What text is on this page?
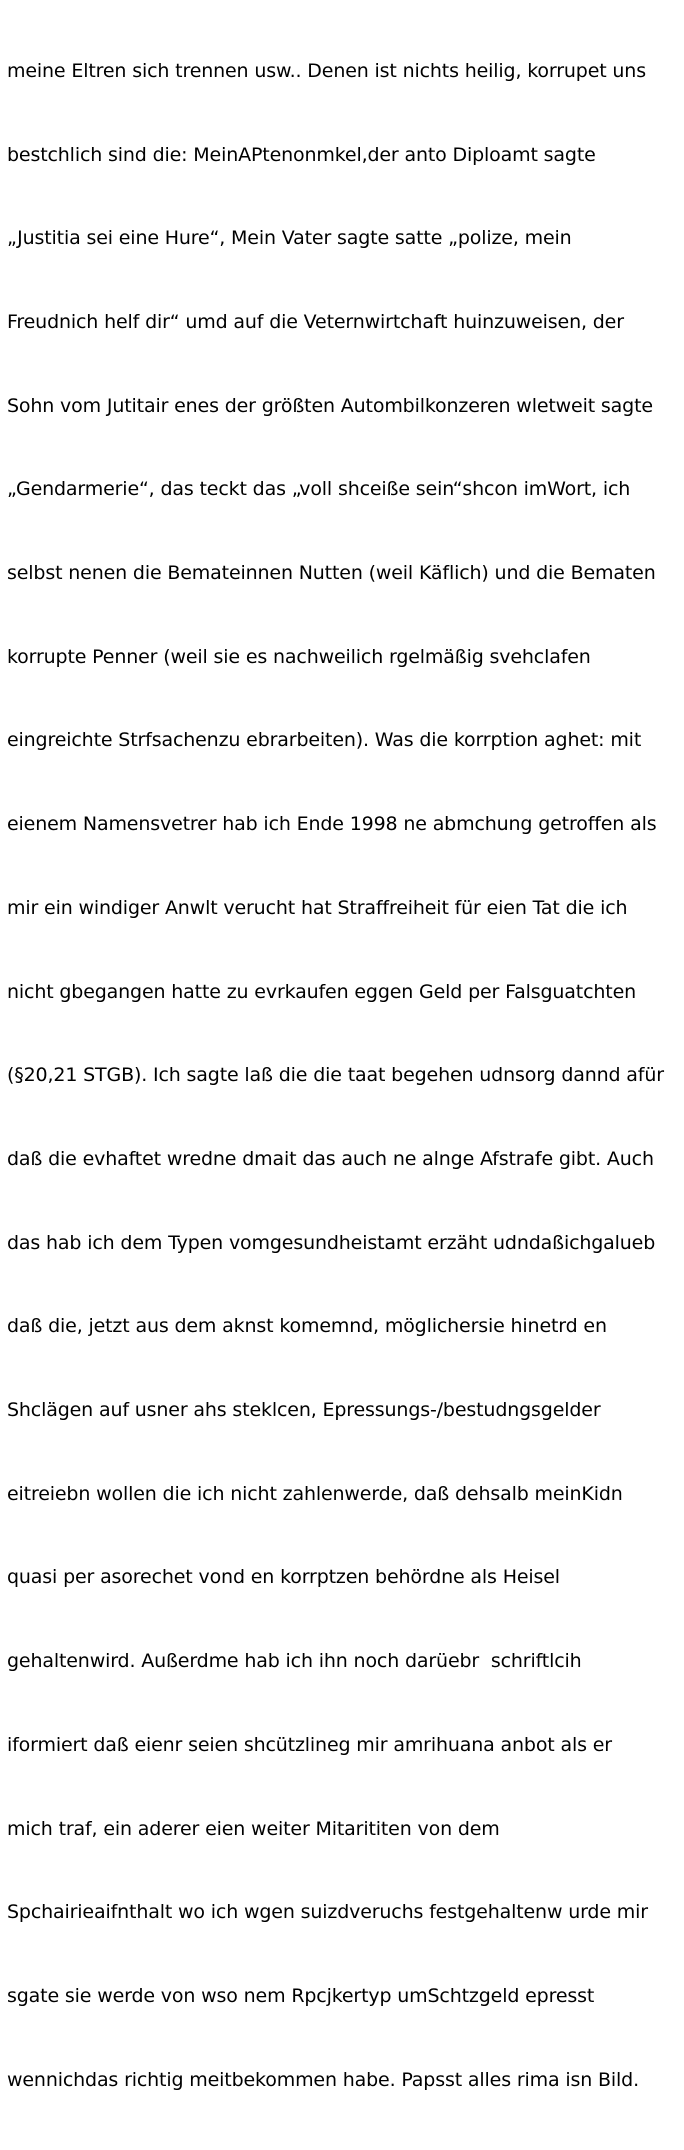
meine Eltren sich trennen usw.. Denen ist nichts heilig, korrupet uns

bestchlich sind die: MeinAPtenonmkel,der anto Diploamt sagte

„Justitia sei eine Hure“, Mein Vater sagte satte „polize, mein

Freudnich helf dir“ umd auf die Veternwirtchaft huinzuweisen, der

Sohn vom Jutitair enes der größten Autombilkonzeren wletweit sagte

„Gendarmerie“, das teckt das „voll shceiße sein“shcon imWort, ich

selbst nenen die Bemateinnen Nutten (weil Käflich) und die Bematen

korrupte Penner (weil sie es nachweilich rgelmäßig svehclafen

eingreichte Strfsachenzu ebrarbeiten). Was die korrption aghet: mit

eienem Namensvetrer hab ich Ende 1998 ne abmchung getroffen als

mir ein windiger Anwlt verucht hat Straffreiheit für eien Tat die ich

nicht gbegangen hatte zu evrkaufen eggen Geld per Falsguatchten

(§20,21 STGB). Ich sagte laß die die taat begehen udnsorg dannd afür

daß die evhaftet wredne dmait das auch ne alnge Afstrafe gibt. Auch

das hab ich dem Typen vomgesundheistamt erzäht udndaßichgalueb

daß die, jetzt aus dem aknst komemnd, möglichersie hinetrd en

Shclägen auf usner ahs steklcen, Epressungs-/bestudngsgelder

eitreiebn wollen die ich nicht zahlenwerde, daß dehsalb meinKidn

quasi per asorechet vond en korrptzen behördne als Heisel

gehaltenwird. Außerdme hab ich ihn noch darüebr  schriftlcih

iformiert daß eienr seien shcützlineg mir amrihuana anbot als er

mich traf, ein aderer eien weiter Mitarititen von dem

Spchairieaifnthalt wo ich wgen suizdveruchs festgehaltenw urde mir

sgate sie werde von wso nem Rpcjkertyp umSchtzgeld epresst

wennichdas richtig meitbekommen habe. Papsst alles rima isn Bild.
